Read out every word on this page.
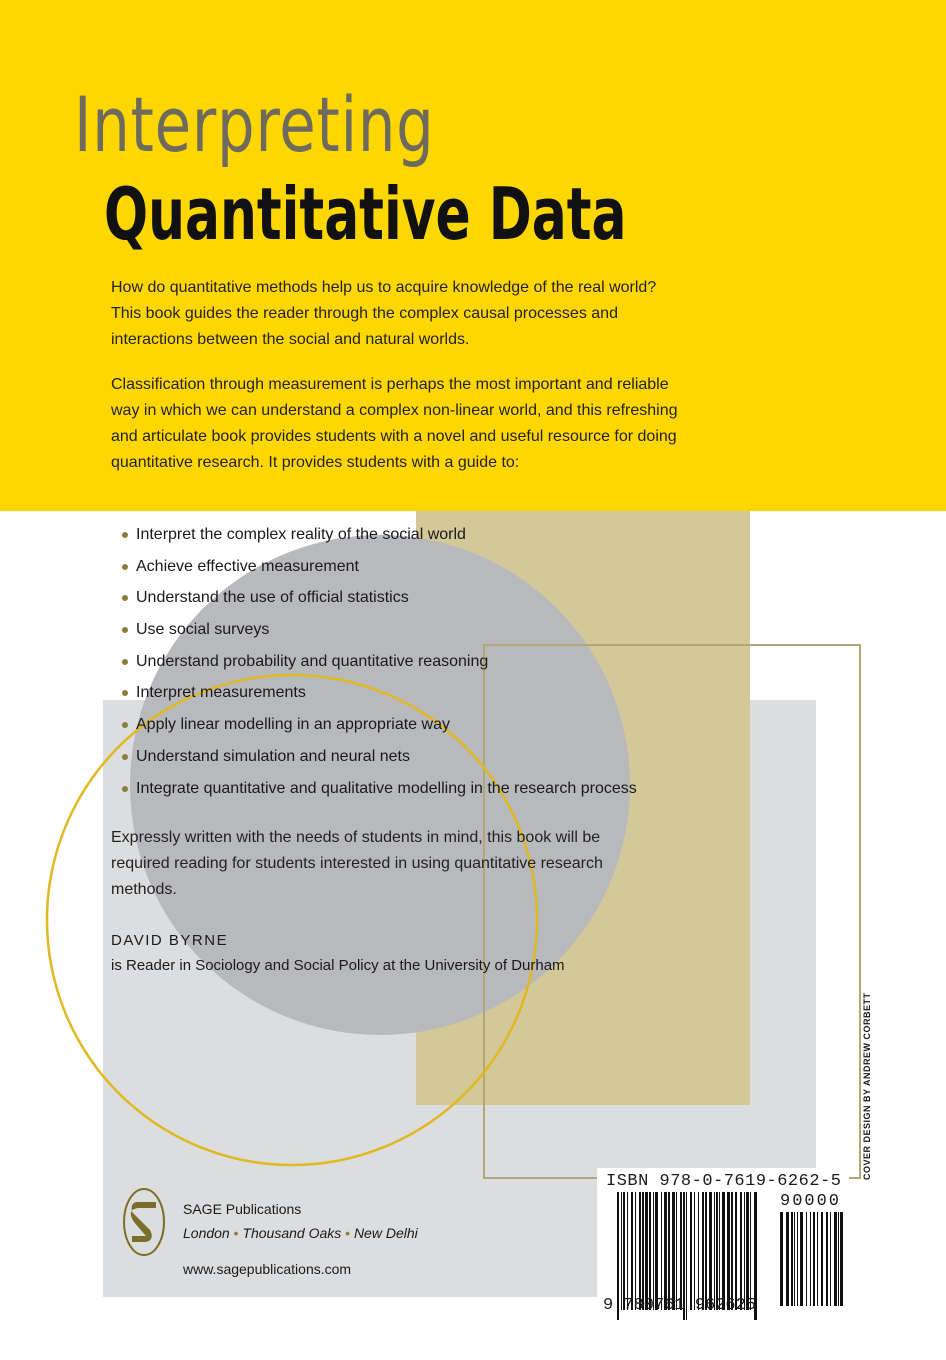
Interpreting
Quantitative Data
How do quantitative methods help us to acquire knowledge of the real world? This book guides the reader through the complex causal processes and interactions between the social and natural worlds.
Classification through measurement is perhaps the most important and reliable way in which we can understand a complex non-linear world, and this refreshing and articulate book provides students with a novel and useful resource for doing quantitative research. It provides students with a guide to:
Interpret the complex reality of the social world
Achieve effective measurement
Understand the use of official statistics
Use social surveys
Understand probability and quantitative reasoning
Interpret measurements
Apply linear modelling in an appropriate way
Understand simulation and neural nets
Integrate quantitative and qualitative modelling in the research process
Expressly written with the needs of students in mind, this book will be required reading for students interested in using quantitative research methods.
DAVID BYRNE
is Reader in Sociology and Social Policy at the University of Durham
SAGE Publications
London • Thousand Oaks • New Delhi
www.sagepublications.com
ISBN 978-0-7619-6262-5
90000
9 780761 962625
COVER DESIGN BY ANDREW CORBETT
